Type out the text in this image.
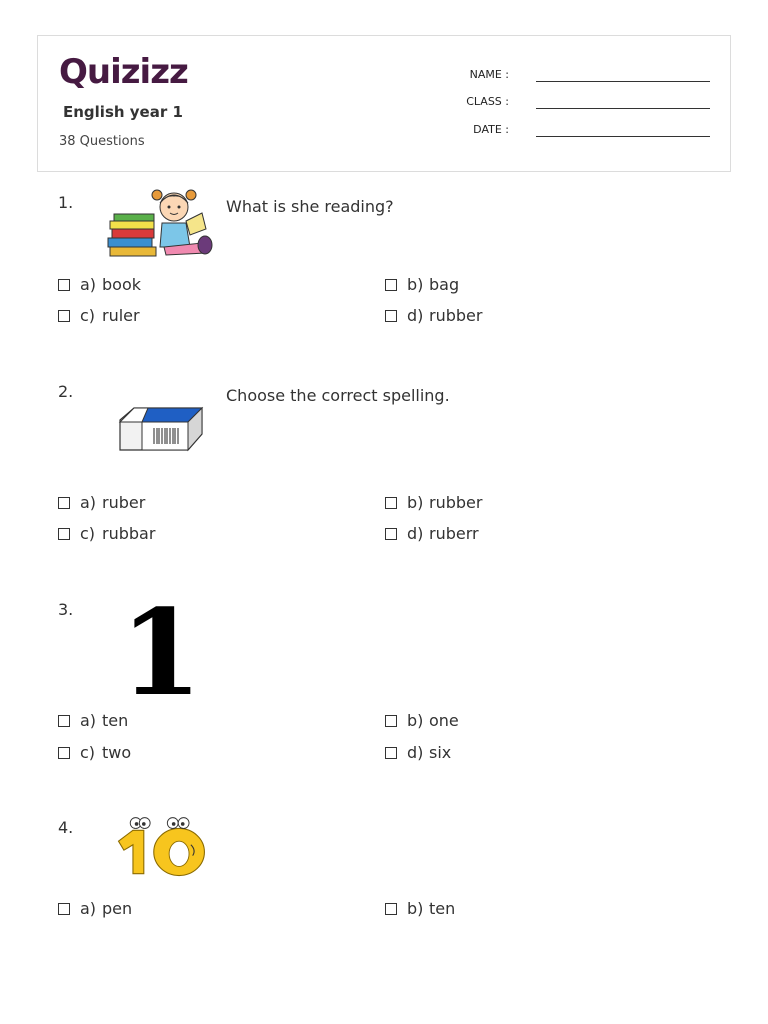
Quizizz
English year 1
38 Questions
NAME :
CLASS :
DATE :
1.	What is she reading?
a) book	b) bag
c) ruler	d) rubber
2.	Choose the correct spelling.
a) ruber	b) rubber
c) rubbar	d) ruberr
3. 1
a) ten	b) one
c) two	d) six
4.
a) pen	b) ten
